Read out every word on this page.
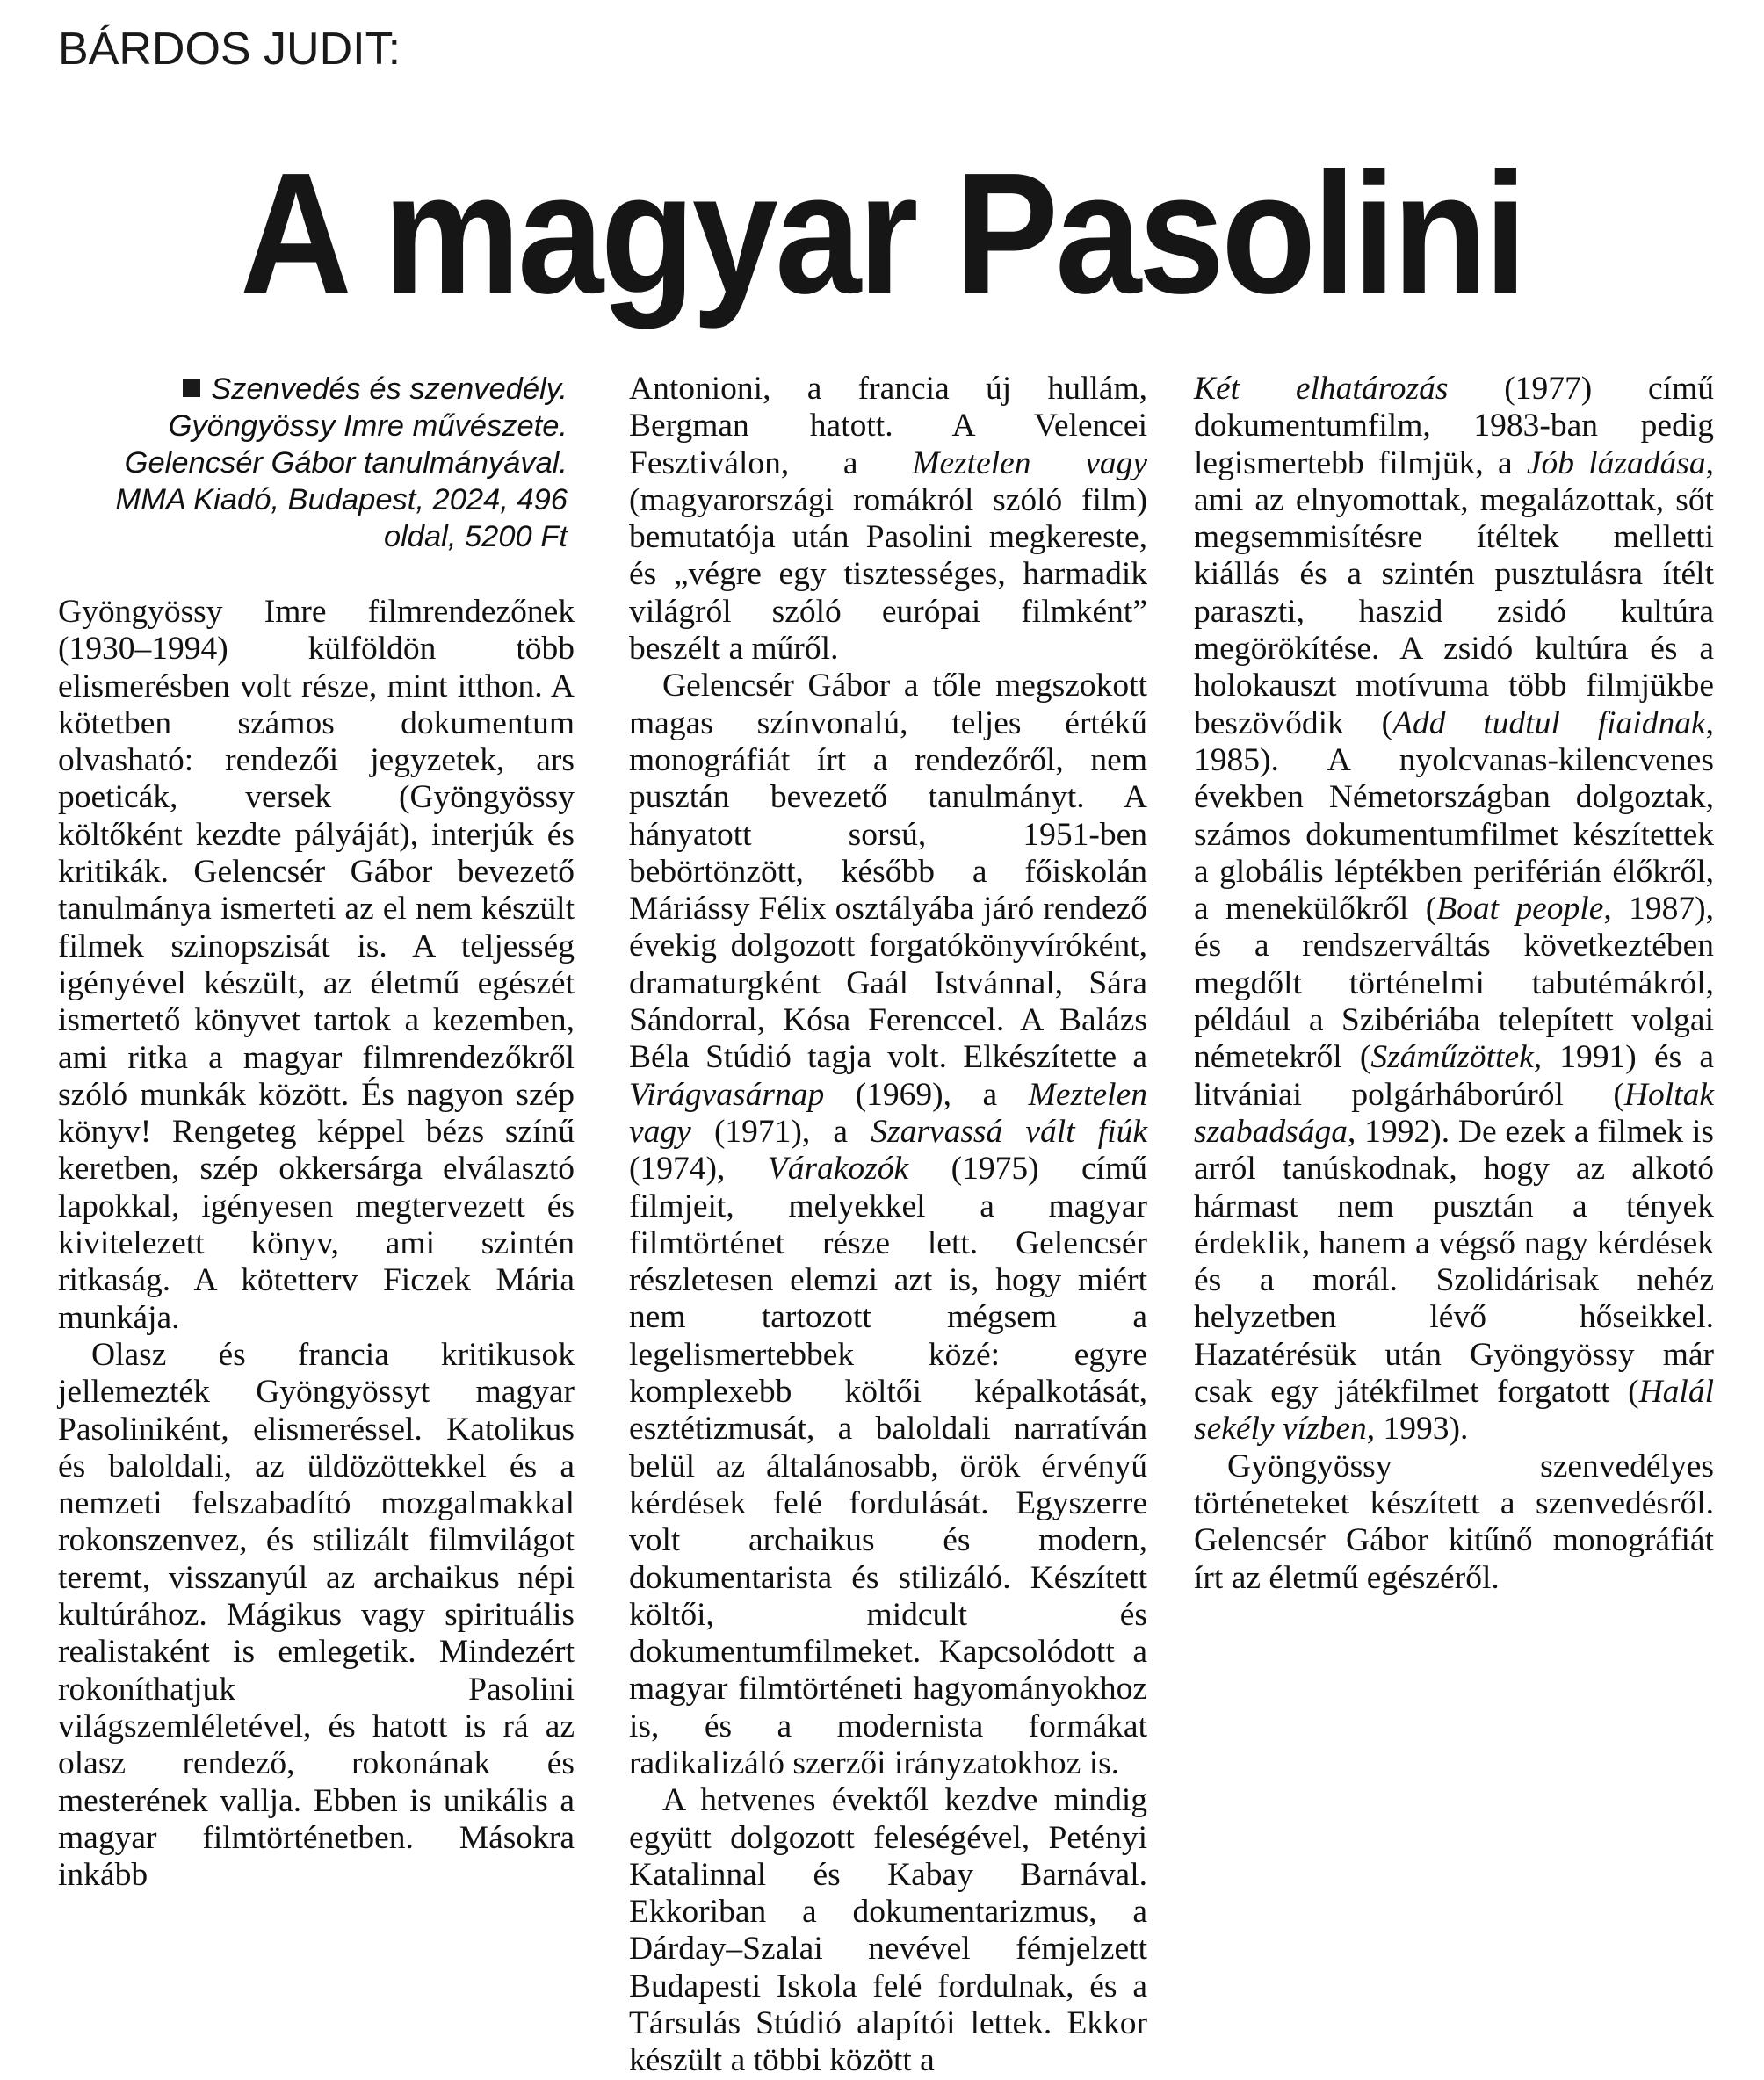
BÁRDOS JUDIT:
A magyar Pasolini
Szenvedés és szenvedély. Gyöngyössy Imre művészete. Gelencsér Gábor tanulmányával. MMA Kiadó, Budapest, 2024, 496 oldal, 5200 Ft

Gyöngyössy Imre filmrendezőnek (1930–1994) külföldön több elismerésben volt része, mint itthon. A kötetben számos dokumentum olvasható: rendezői jegyzetek, ars poeticák, versek (Gyöngyössy költőként kezdte pályáját), interjúk és kritikák. Gelencsér Gábor bevezető tanulmánya ismerteti az el nem készült filmek szinopszisát is. A teljesség igényével készült, az életmű egészét ismertető könyvet tartok a kezemben, ami ritka a magyar filmrendezőkről szóló munkák között. És nagyon szép könyv! Rengeteg képpel bézs színű keretben, szép okkersárga elválasztó lapokkal, igényesen megtervezett és kivitelezett könyv, ami szintén ritkaság. A kötetterv Ficzek Mária munkája.

Olasz és francia kritikusok jellemezték Gyöngyössyt magyar Pasoliniként, elismeréssel. Katolikus és baloldali, az üldözöttekkel és a nemzeti felszabadító mozgalmakkal rokonszenvez, és stilizált filmvilágot teremt, visszanyúl az archaikus népi kultúrához. Mágikus vagy spirituális realistaként is emlegetik. Mindezért rokoníthatjuk Pasolini világszemléletével, és hatott is rá az olasz rendező, rokonának és mesterének vallja. Ebben is unikális a magyar filmtörténetben. Másokra inkább

Antonioni, a francia új hullám, Bergman hatott. A Velencei Fesztiválon, a Meztelen vagy (magyarországi romákról szóló film) bemutatója után Pasolini megkereste, és „végre egy tisztességes, harmadik világról szóló európai filmként” beszélt a műről.

Gelencsér Gábor a tőle megszokott magas színvonalú, teljes értékű monográfiát írt a rendezőről, nem pusztán bevezető tanulmányt. A hányatott sorsú, 1951-ben bebörtönzött, később a főiskolán Máriássy Félix osztályába járó rendező évekig dolgozott forgatókönyvíróként, dramaturgként Gaál Istvánnal, Sára Sándorral, Kósa Ferenccel. A Balázs Béla Stúdió tagja volt. Elkészítette a Virágvasárnap (1969), a Meztelen vagy (1971), a Szarvassá vált fiúk (1974), Várakozók (1975) című filmjeit, melyekkel a magyar filmtörténet része lett. Gelencsér részletesen elemzi azt is, hogy miért nem tartozott mégsem a legelismertebbek közé: egyre komplexebb költői képalkotását, esztétizmusát, a baloldali narratíván belül az általánosabb, örök érvényű kérdések felé fordulását. Egyszerre volt archaikus és modern, dokumentarista és stilizáló. Készített költői, midcult és dokumentumfilmeket. Kapcsolódott a magyar filmtörténeti hagyományokhoz is, és a modernista formákat radikalizáló szerzői irányzatokhoz is.

A hetvenes évektől kezdve mindig együtt dolgozott feleségével, Petényi Katalinnal és Kabay Barnával. Ekkoriban a dokumentarizmus, a Dárday–Szalai nevével fémjelzett Budapesti Iskola felé fordulnak, és a Társulás Stúdió alapítói lettek. Ekkor készült a többi között a

Két elhatározás (1977) című dokumentumfilm, 1983-ban pedig legismertebb filmjük, a Jób lázadása, ami az elnyomottak, megalázottak, sőt megsemmisítésre ítéltek melletti kiállás és a szintén pusztulásra ítélt paraszti, haszid zsidó kultúra megörökítése. A zsidó kultúra és a holokauszt motívuma több filmjükbe beszövődik (Add tudtul fiaidnak, 1985). A nyolcvanas-kilencvenes években Németországban dolgoztak, számos dokumentumfilmet készítettek a globális léptékben periférián élőkről, a menekülőkről (Boat people, 1987), és a rendszerváltás következtében megdőlt történelmi tabutémákról, például a Szibériába telepített volgai németekről (Száműzöttek, 1991) és a litvániai polgárháborúról (Holtak szabadsága, 1992). De ezek a filmek is arról tanúskodnak, hogy az alkotó hármast nem pusztán a tények érdeklik, hanem a végső nagy kérdések és a morál. Szolidárisak nehéz helyzetben lévő hőseikkel. Hazatérésük után Gyöngyössy már csak egy játékfilmet forgatott (Halál sekély vízben, 1993).

Gyöngyössy szenvedélyes történeteket készített a szenvedésről. Gelencsér Gábor kitűnő monográfiát írt az életmű egészéről.
